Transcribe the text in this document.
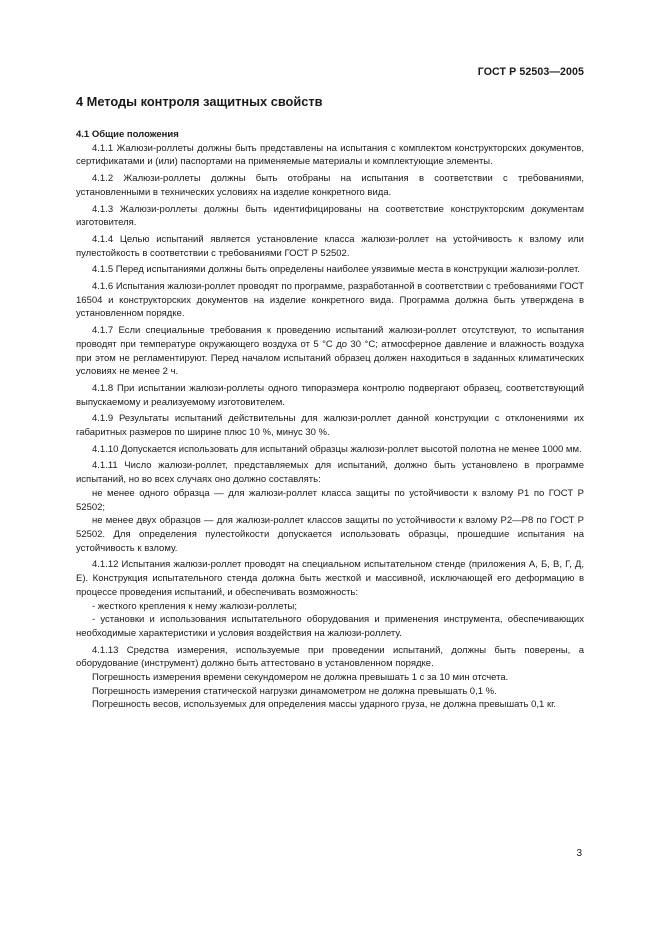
ГОСТ Р 52503—2005
4 Методы контроля защитных свойств
4.1 Общие положения

4.1.1 Жалюзи-роллеты должны быть представлены на испытания с комплектом конструкторских документов, сертификатами и (или) паспортами на применяемые материалы и комплектующие элементы.

4.1.2 Жалюзи-роллеты должны быть отобраны на испытания в соответствии с требованиями, установленными в технических условиях на изделие конкретного вида.

4.1.3 Жалюзи-роллеты должны быть идентифицированы на соответствие конструкторским документам изготовителя.

4.1.4 Целью испытаний является установление класса жалюзи-роллет на устойчивость к взлому или пулестойкость в соответствии с требованиями ГОСТ Р 52502.

4.1.5 Перед испытаниями должны быть определены наиболее уязвимые места в конструкции жалюзи-роллет.

4.1.6 Испытания жалюзи-роллет проводят по программе, разработанной в соответствии с требованиями ГОСТ 16504 и конструкторских документов на изделие конкретного вида. Программа должна быть утверждена в установленном порядке.

4.1.7 Если специальные требования к проведению испытаний жалюзи-роллет отсутствуют, то испытания проводят при температуре окружающего воздуха от 5 °С до 30 °С; атмосферное давление и влажность воздуха при этом не регламентируют. Перед началом испытаний образец должен находиться в заданных климатических условиях не менее 2 ч.

4.1.8 При испытании жалюзи-роллеты одного типоразмера контролю подвергают образец, соответствующий выпускаемому и реализуемому изготовителем.

4.1.9 Результаты испытаний действительны для жалюзи-роллет данной конструкции с отклонениями их габаритных размеров по ширине плюс 10 %, минус 30 %.

4.1.10 Допускается использовать для испытаний образцы жалюзи-роллет высотой полотна не менее 1000 мм.

4.1.11 Число жалюзи-роллет, представляемых для испытаний, должно быть установлено в программе испытаний, но во всех случаях оно должно составлять:

не менее одного образца — для жалюзи-роллет класса защиты по устойчивости к взлому Р1 по ГОСТ Р 52502;

не менее двух образцов — для жалюзи-роллет классов защиты по устойчивости к взлому Р2—Р8 по ГОСТ Р 52502. Для определения пулестойкости допускается использовать образцы, прошедшие испытания на устойчивость к взлому.

4.1.12 Испытания жалюзи-роллет проводят на специальном испытательном стенде (приложения А, Б, В, Г, Д, Е). Конструкция испытательного стенда должна быть жесткой и массивной, исключающей его деформацию в процессе проведения испытаний, и обеспечивать возможность:

- жесткого крепления к нему жалюзи-роллеты;

- установки и использования испытательного оборудования и применения инструмента, обеспечивающих необходимые характеристики и условия воздействия на жалюзи-роллету.

4.1.13 Средства измерения, используемые при проведении испытаний, должны быть поверены, а оборудование (инструмент) должно быть аттестовано в установленном порядке.

Погрешность измерения времени секундомером не должна превышать 1 с за 10 мин отсчета.

Погрешность измерения статической нагрузки динамометром не должна превышать 0,1 %.

Погрешность весов, используемых для определения массы ударного груза, не должна превышать 0,1 кг.

3
